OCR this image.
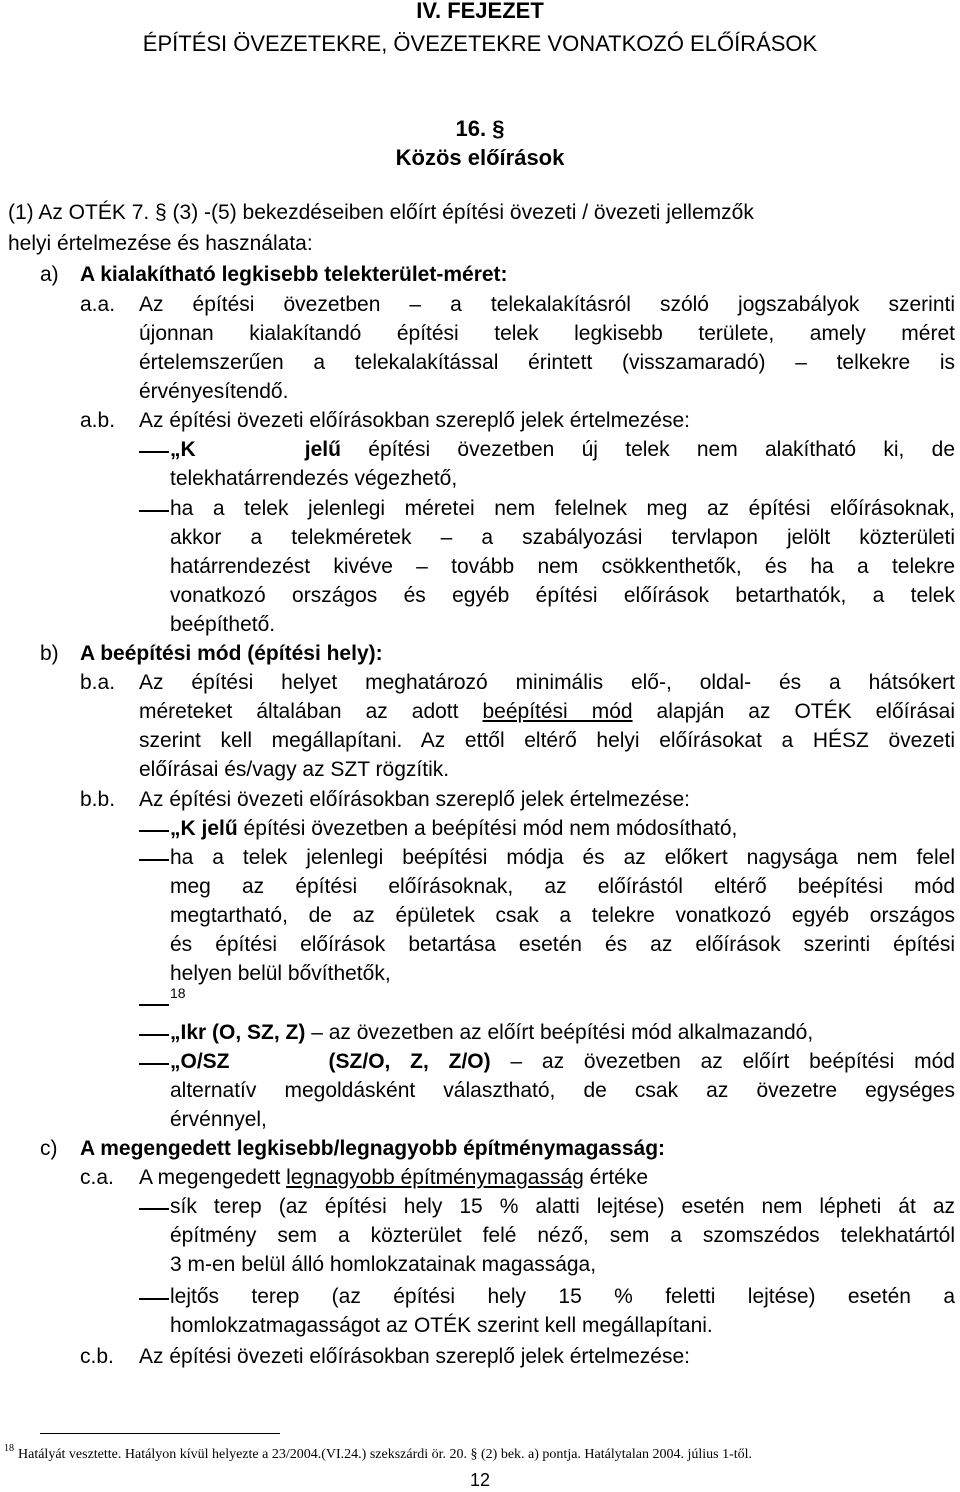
IV. FEJEZET
ÉPÍTÉSI ÖVEZETEKRE, ÖVEZETEKRE VONATKOZÓ ELŐÍRÁSOK
16. §
Közös előírások
(1) Az OTÉK 7. § (3) -(5) bekezdéseiben előírt építési övezeti / övezeti jellemzők
helyi értelmezése és használata:
a) A kialakítható legkisebb telekterület-méret:
a.a. Az építési övezetben – a telekalakításról szóló jogszabályok szerinti
újonnan kialakítandó építési telek legkisebb területe, amely méret
értelemszerűen a telekalakítással érintett (visszamaradó) – telkekre is
érvényesítendő.
a.b. Az építési övezeti előírásokban szereplő jelek értelmezése:
„K	jelű építési övezetben új telek nem alakítható ki, de
telekhatárrendezés végezhető,
ha a telek jelenlegi méretei nem felelnek meg az építési előírásoknak,
akkor a telekméretek – a szabályozási tervlapon jelölt közterületi
határrendezést kivéve – tovább nem csökkenthetők, és ha a telekre
vonatkozó országos és egyéb építési előírások betarthatók, a telek
beépíthető.
b) A beépítési mód (építési hely):
b.a. Az építési helyet meghatározó minimális elő-, oldal- és a hátsókert
méreteket általában az adott beépítési mód alapján az OTÉK előírásai
szerint kell megállapítani. Az ettől eltérő helyi előírásokat a HÉSZ övezeti
előírásai és/vagy az SZT rögzítik.
b.b. Az építési övezeti előírásokban szereplő jelek értelmezése:
„K jelű építési övezetben a beépítési mód nem módosítható,
ha a telek jelenlegi beépítési módja és az előkert nagysága nem felel
meg az építési előírásoknak, az előírástól eltérő beépítési mód
megtartható, de az épületek csak a telekre vonatkozó egyéb országos
és építési előírások betartása esetén és az előírások szerinti építési
helyen belül bővíthetők,
18
„Ikr (O, SZ, Z) – az övezetben az előírt beépítési mód alkalmazandó,
„O/SZ	(SZ/O, Z, Z/O) – az övezetben az előírt beépítési mód
alternatív megoldásként választható, de csak az övezetre egységes
érvénnyel,
c) A megengedett legkisebb/legnagyobb építménymagasság:
c.a. A megengedett legnagyobb építménymagasság értéke
sík terep (az építési hely 15 % alatti lejtése) esetén nem lépheti át az
építmény sem a közterület felé néző, sem a szomszédos telekhatártól
3 m-en belül álló homlokzatainak magassága,
lejtős terep (az építési hely 15 % feletti lejtése) esetén a
homlokzatmagasságot az OTÉK szerint kell megállapítani.
c.b. Az építési övezeti előírásokban szereplő jelek értelmezése:
$^{18}$ Hatályát vesztette. Hatályon kívül helyezte a 23/2004.(VI.24.) szekszárdi ör. 20. § (2) bek. a) pontja. Hatálytalan 2004. július 1-től.
12
